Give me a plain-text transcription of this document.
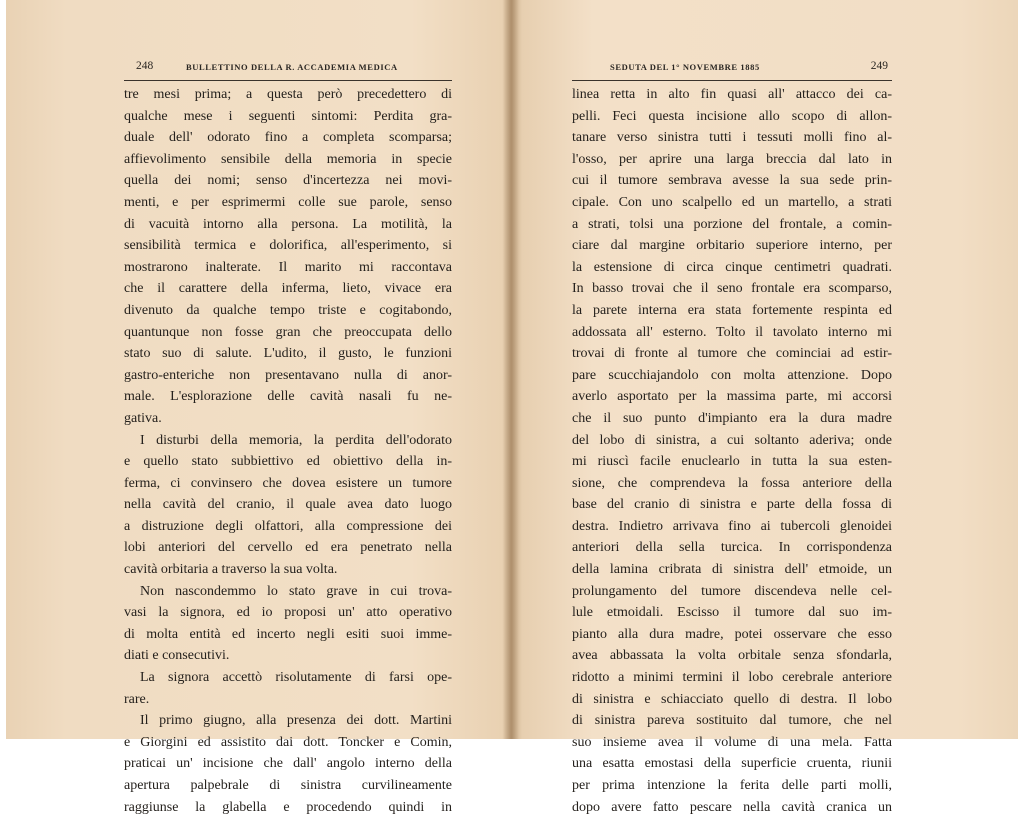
248	BULLETTINO DELLA R. ACCADEMIA MEDICA
tre mesi prima; a questa però precedettero di
qualche mese i seguenti sintomi: Perdita gra-
duale dell' odorato fino a completa scomparsa;
affievolimento sensibile della memoria in specie
quella dei nomi; senso d'incertezza nei movi-
menti, e per esprimermi colle sue parole, senso
di vacuità intorno alla persona. La motilità, la
sensibilità termica e dolorifica, all'esperimento, si
mostrarono inalterate. Il marito mi raccontava
che il carattere della inferma, lieto, vivace era
divenuto da qualche tempo triste e cogitabondo,
quantunque non fosse gran che preoccupata dello
stato suo di salute. L'udito, il gusto, le funzioni
gastro-enteriche non presentavano nulla di anor-
male. L'esplorazione delle cavità nasali fu ne-
gativa.
I disturbi della memoria, la perdita dell'odorato
e quello stato subbiettivo ed obiettivo della in-
ferma, ci convinsero che dovea esistere un tumore
nella cavità del cranio, il quale avea dato luogo
a distruzione degli olfattori, alla compressione dei
lobi anteriori del cervello ed era penetrato nella
cavità orbitaria a traverso la sua volta.
Non nascondemmo lo stato grave in cui trova-
vasi la signora, ed io proposi un' atto operativo
di molta entità ed incerto negli esiti suoi imme-
diati e consecutivi.
La signora accettò risolutamente di farsi ope-
rare.
Il primo giugno, alla presenza dei dott. Martini
e Giorgini ed assistito dai dott. Toncker e Comin,
praticai un' incisione che dall' angolo interno della
apertura palpebrale di sinistra curvilineamente
raggiunse la glabella e procedendo quindi in
SEDUTA DEL 1° NOVEMBRE 1885	249
linea retta in alto fin quasi all' attacco dei ca-
pelli. Feci questa incisione allo scopo di allon-
tanare verso sinistra tutti i tessuti molli fino al-
l'osso, per aprire una larga breccia dal lato in
cui il tumore sembrava avesse la sua sede prin-
cipale. Con uno scalpello ed un martello, a strati
a strati, tolsi una porzione del frontale, a comin-
ciare dal margine orbitario superiore interno, per
la estensione di circa cinque centimetri quadrati.
In basso trovai che il seno frontale era scomparso,
la parete interna era stata fortemente respinta ed
addossata all' esterno. Tolto il tavolato interno mi
trovai di fronte al tumore che cominciai ad estir-
pare scucchiajandolo con molta attenzione. Dopo
averlo asportato per la massima parte, mi accorsi
che il suo punto d'impianto era la dura madre
del lobo di sinistra, a cui soltanto aderiva; onde
mi riuscì facile enuclearlo in tutta la sua esten-
sione, che comprendeva la fossa anteriore della
base del cranio di sinistra e parte della fossa di
destra. Indietro arrivava fino ai tubercoli glenoidei
anteriori della sella turcica. In corrispondenza
della lamina cribrata di sinistra dell' etmoide, un
prolungamento del tumore discendeva nelle cel-
lule etmoidali. Escisso il tumore dal suo im-
pianto alla dura madre, potei osservare che esso
avea abbassata la volta orbitale senza sfondarla,
ridotto a minimi termini il lobo cerebrale anteriore
di sinistra e schiacciato quello di destra. Il lobo
di sinistra pareva sostituito dal tumore, che nel
suo insieme avea il volume di una mela. Fatta
una esatta emostasi della superficie cruenta, riunii
per prima intenzione la ferita delle parti molli,
dopo avere fatto pescare nella cavità cranica un
